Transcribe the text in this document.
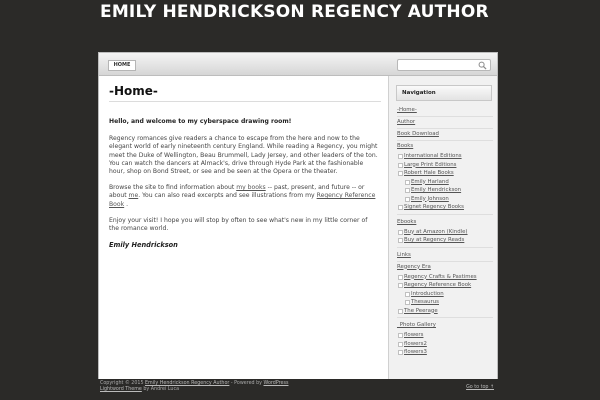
EMILY HENDRICKSON REGENCY AUTHOR
HOME
-Home-

Hello, and welcome to my cyberspace drawing room!

Regency romances give readers a chance to escape from the here and now to the elegant world of early nineteenth century England. While reading a Regency, you might meet the Duke of Wellington, Beau Brummell, Lady Jersey, and other leaders of the ton. You can watch the dancers at Almack's, drive through Hyde Park at the fashionable hour, shop on Bond Street, or see and be seen at the Opera or the theater.

Browse the site to find information about my books -- past, present, and future -- or about me. You can also read excerpts and see illustrations from my Regency Reference Book .

Enjoy your visit! I hope you will stop by often to see what's new in my little corner of the romance world.

Emily Hendrickson

Navigation
-Home-
Author
Book Download
Books
International Editions
Large Print Editions
Robert Hale Books
Emily Harland
Emily Hendrickson
Emily Johnson
Signet Regency Books
Ebooks
Buy at Amazon (Kindle)
Buy at Regency Reads
Links
Regency Era
Regency Crafts & Pastimes
Regency Reference Book
Introduction
Thesaurus
The Peerage
_Photo Gallery
flowers
flowers2
flowers3
Copyright © 2015 Emily Hendrickson Regency Author - Powered by WordPress
Lightword Theme by Andrei Luca	Go to top ↑
